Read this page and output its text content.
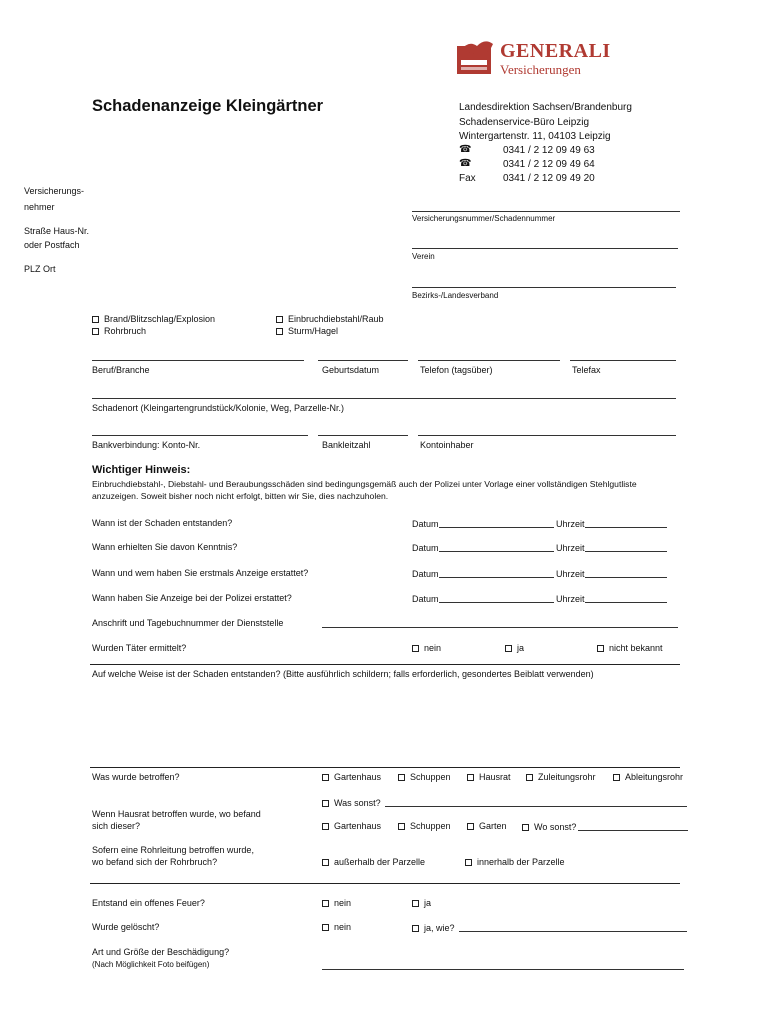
GENERALI
Versicherungen
Schadenanzeige Kleingärtner	Landesdirektion Sachsen/Brandenburg
Schadenservice-Büro Leipzig
Wintergartenstr. 11, 04103 Leipzig
☎	0341 / 2 12 09 49 63
☎	0341 / 2 12 09 49 64
Fax	0341 / 2 12 09 49 20
Versicherungs-
nehmer
Straße Haus-Nr.
oder Postfach
PLZ Ort
Versicherungsnummer/Schadennummer
Verein
Bezirks-/Landesverband
Brand/Blitzschlag/Explosion
Rohrbruch
Einbruchdiebstahl/Raub
Sturm/Hagel
Beruf/Branche	Geburtsdatum	Telefon (tagsüber)	Telefax
Schadenort (Kleingartengrundstück/Kolonie, Weg, Parzelle-Nr.)
Bankverbindung: Konto-Nr.	Bankleitzahl	Kontoinhaber
Wichtiger Hinweis:
Einbruchdiebstahl-, Diebstahl- und Beraubungsschäden sind bedingungsgemäß auch der Polizei unter Vorlage einer vollständigen Stehlgutliste
anzuzeigen. Soweit bisher noch nicht erfolgt, bitten wir Sie, dies nachzuholen.
Wann ist der Schaden entstanden?	Datum	Uhrzeit
Wann erhielten Sie davon Kenntnis?	Datum	Uhrzeit
Wann und wem haben Sie erstmals Anzeige erstattet?	Datum	Uhrzeit
Wann haben Sie Anzeige bei der Polizei erstattet?	Datum	Uhrzeit
Anschrift und Tagebuchnummer der Dienststelle
Wurden Täter ermittelt?	nein	ja	nicht bekannt
Auf welche Weise ist der Schaden entstanden? (Bitte ausführlich schildern; falls erforderlich, gesondertes Beiblatt verwenden)
Was wurde betroffen?	Gartenhaus	Schuppen	Hausrat	Zuleitungsrohr	Ableitungsrohr
Was sonst?
Wenn Hausrat betroffen wurde, wo befand
sich dieser?	Gartenhaus	Schuppen	Garten	Wo sonst?
Sofern eine Rohrleitung betroffen wurde,
wo befand sich der Rohrbruch?	außerhalb der Parzelle	innerhalb der Parzelle
Entstand ein offenes Feuer?	nein	ja
Wurde gelöscht?	nein	ja, wie?
Art und Größe der Beschädigung?
(Nach Möglichkeit Foto beifügen)
